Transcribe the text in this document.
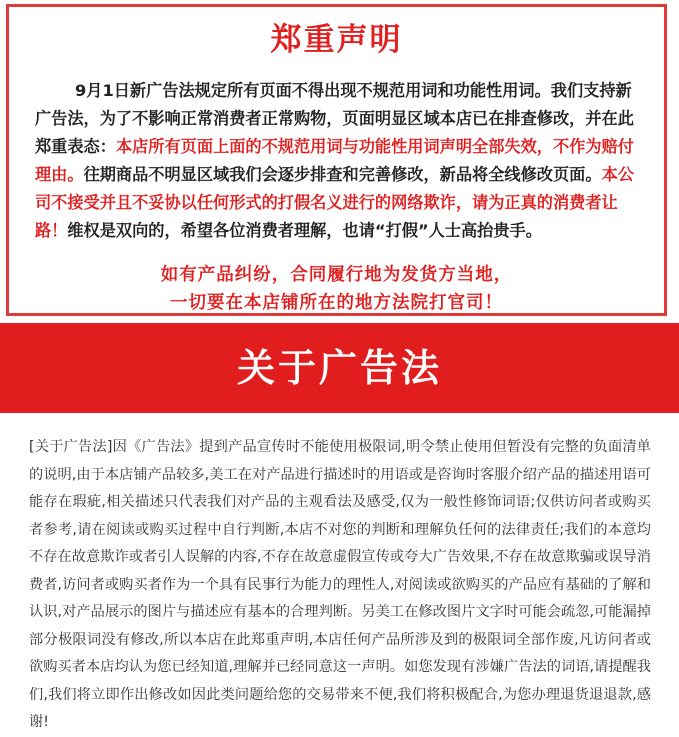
郑重声明

9月1日新广告法规定所有页面不得出现不规范用词和功能性用词。我们支持新广告法，为了不影响正常消费者正常购物，页面明显区域本店已在排查修改，并在此郑重表态：本店所有页面上面的不规范用词与功能性用词声明全部失效，不作为赔付理由。往期商品不明显区域我们会逐步排查和完善修改，新品将全线修改页面。本公司不接受并且不妥协以任何形式的打假名义进行的网络欺诈，请为正真的消费者让路！维权是双向的，希望各位消费者理解，也请“打假”人士高抬贵手。

如有产品纠纷，合同履行地为发货方当地，
一切要在本店铺所在的地方法院打官司！
关于广告法
[关于广告法]因《广告法》提到产品宣传时不能使用极限词,明令禁止使用但暂没有完整的负面清单的说明,由于本店铺产品较多,美工在对产品进行描述时的用语或是咨询时客服介绍产品的描述用语可能存在瑕疵,相关描述只代表我们对产品的主观看法及感受,仅为一般性修饰词语;仅供访问者或购买者参考,请在阅读或购买过程中自行判断,本店不对您的判断和理解负任何的法律责任;我们的本意均不存在故意欺诈或者引人误解的内容,不存在故意虚假宣传或夸大广告效果,不存在故意欺骗或误导消费者,访问者或购买者作为一个具有民事行为能力的理性人,对阅读或欲购买的产品应有基础的了解和认识,对产品展示的图片与描述应有基本的合理判断。另美工在修改图片文字时可能会疏忽,可能漏掉部分极限词没有修改,所以本店在此郑重声明,本店任何产品所涉及到的极限词全部作废,凡访问者或欲购买者本店均认为您已经知道,理解并已经同意这一声明。如您发现有涉嫌广告法的词语,请提醒我们,我们将立即作出修改如因此类问题给您的交易带来不便,我们将积极配合,为您办理退货退退款,感谢!
